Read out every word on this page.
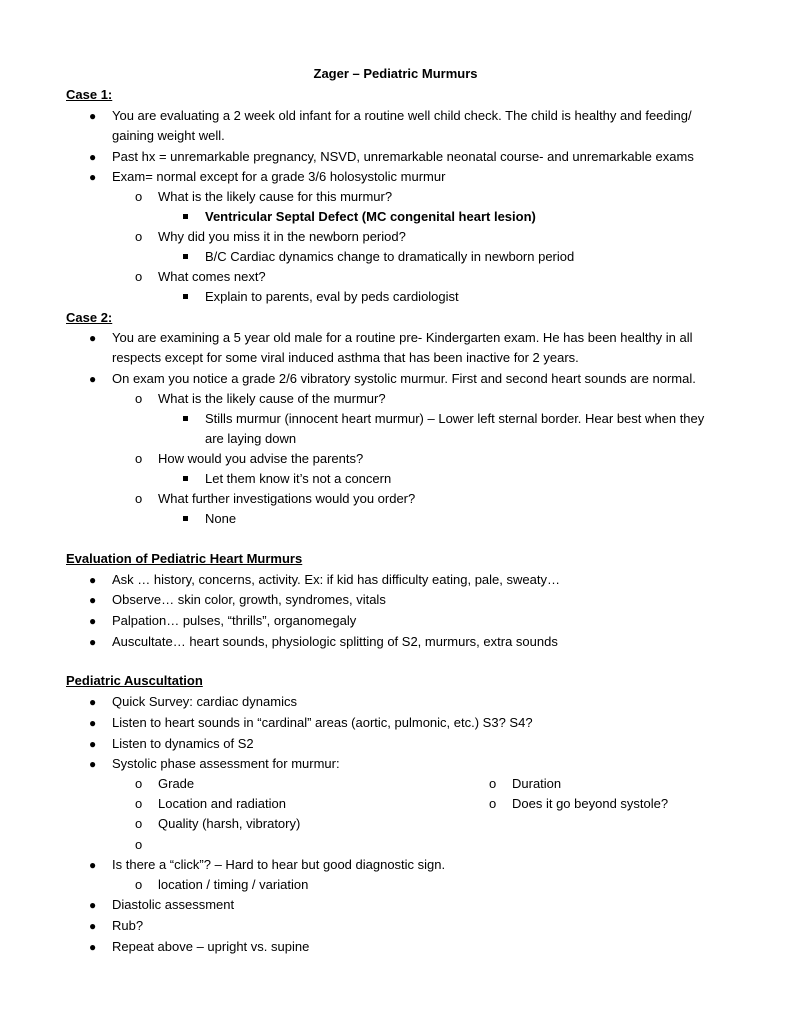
Zager – Pediatric Murmurs
Case 1:
● You are evaluating a 2 week old infant for a routine well child check. The child is healthy and feeding/
gaining weight well.
● Past hx = unremarkable pregnancy, NSVD, unremarkable neonatal course- and unremarkable exams
● Exam= normal except for a grade 3/6 holosystolic murmur
o What is the likely cause for this murmur?
Ventricular Septal Defect (MC congenital heart lesion)
o Why did you miss it in the newborn period?
B/C Cardiac dynamics change to dramatically in newborn period
o What comes next?
Explain to parents, eval by peds cardiologist
Case 2:
● You are examining a 5 year old male for a routine pre- Kindergarten exam. He has been healthy in all
respects except for some viral induced asthma that has been inactive for 2 years.
● On exam you notice a grade 2/6 vibratory systolic murmur. First and second heart sounds are normal.
o What is the likely cause of the murmur?
Stills murmur (innocent heart murmur) – Lower left sternal border. Hear best when they
are laying down
o How would you advise the parents?
Let them know it’s not a concern
o What further investigations would you order?
None
Evaluation of Pediatric Heart Murmurs
● Ask … history, concerns, activity. Ex: if kid has difficulty eating, pale, sweaty…
● Observe… skin color, growth, syndromes, vitals
● Palpation… pulses, “thrills”, organomegaly
● Auscultate… heart sounds, physiologic splitting of S2, murmurs, extra sounds
Pediatric Auscultation
● Quick Survey: cardiac dynamics
● Listen to heart sounds in “cardinal” areas (aortic, pulmonic, etc.) S3? S4?
● Listen to dynamics of S2
● Systolic phase assessment for murmur:
o Grade
o Location and radiation
o Quality (harsh, vibratory)
o
o Duration
o Does it go beyond systole?
● Is there a “click”? – Hard to hear but good diagnostic sign.
o location / timing / variation
● Diastolic assessment
● Rub?
● Repeat above – upright vs. supine
